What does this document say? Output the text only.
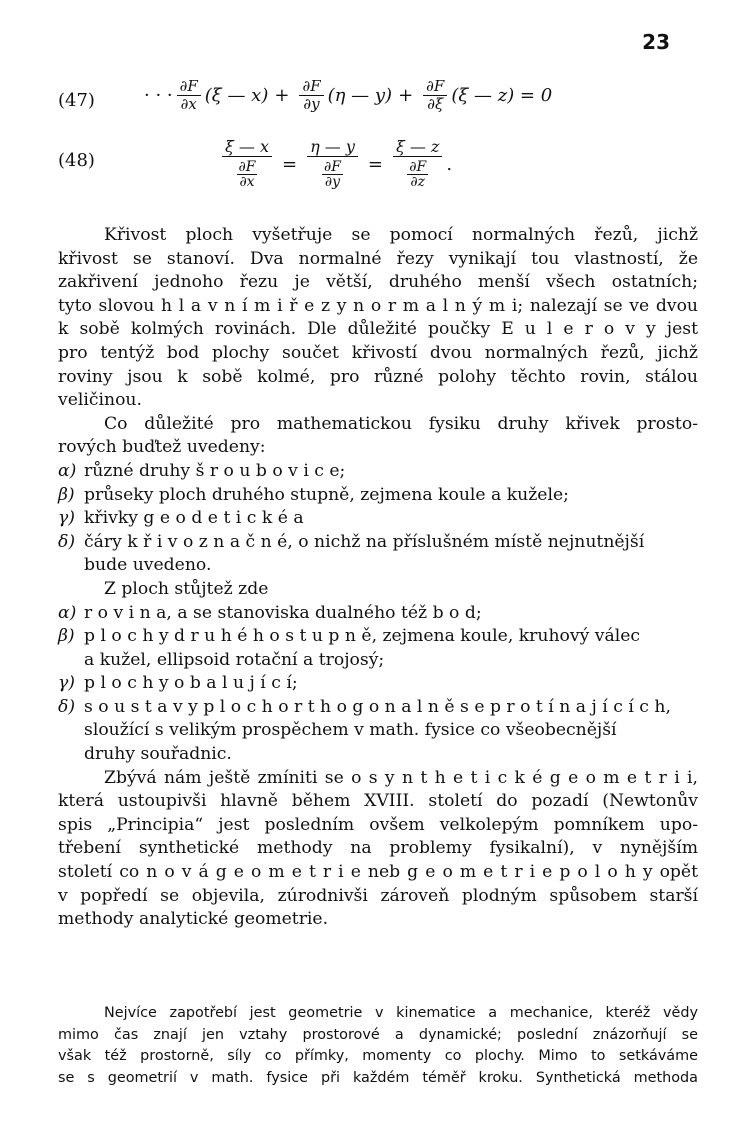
23
(47)	· · · $\frac{\partial F}{\partial x} (\xi$ — $x) + \frac{\partial F}{\partial y} (\eta$ — $y) + \frac{\partial F}{\partial\xi} (\xi$ — z) = 0
(48)	$\frac{\xi — x}{\frac{\partial F}{\partial x}} = \frac{\eta — y}{\frac{\partial F}{\partial y}} = \frac{\xi — z}{\frac{\partial F}{\partial z}}$ .
Křivost ploch vyšetřuje se pomocí normalných řezů, jichž
křivost se stanoví. Dva normalné řezy vynikají tou vlastností, že
zakřivení jednoho řezu je větší, druhého menší všech ostatních;
tyto slovou h l a v n í m i ř e z y n o r m a l n ý m i; nalezají se ve dvou
k sobě kolmých rovinách. Dle důležité poučky E u l e r o v y jest
pro tentýž bod plochy součet křivostí dvou normalných řezů, jichž
roviny jsou k sobě kolmé, pro různé polohy těchto rovin, stálou
veličinou.
Co důležité pro mathematickou fysiku druhy křivek prosto-
rových buďtež uvedeny:
α) různé druhy š r o u b o v i c e;
β) průseky ploch druhého stupně, zejmena koule a kužele;
γ) křivky g e o d e t i c k é a
δ) čáry k ř i v o z n a č n é, o nichž na příslušném místě nejnutnější
bude uvedeno.
Z ploch stůjtež zde
α) r o v i n a, a se stanoviska dualného též b o d;
β) p l o c h y d r u h é h o s t u p n ě, zejmena koule, kruhový válec
a kužel, ellipsoid rotační a trojosý;
γ) p l o c h y o b a l u j í c í;
δ) s o u s t a v y p l o c h o r t h o g o n a l n ě s e p r o t í n a j í c í c h,
sloužící s velikým prospěchem v math. fysice co všeobecnější
druhy souřadnic.
Zbývá nám ještě zmíniti se o s y n t h e t i c k é g e o m e t r i i,
která ustoupivši hlavně během XVIII. století do pozadí (Newtonův
spis „Principia“ jest posledním ovšem velkolepým pomníkem upo-
třebení synthetické methody na problemy fysikalní), v nynějším
století co n o v á g e o m e t r i e neb g e o m e t r i e p o l o h y opět
v popředí se objevila, zúrodnivši zároveň plodným spůsobem starší
methody analytické geometrie.
Nejvíce zapotřebí jest geometrie v kinematice a mechanice, kteréž vědy
mimo čas znají jen vztahy prostorové a dynamické; poslední znázorňují se
však též prostorně, síly co přímky, momenty co plochy. Mimo to setkáváme
se s geometrií v math. fysice při každém téměř kroku. Synthetická methoda
